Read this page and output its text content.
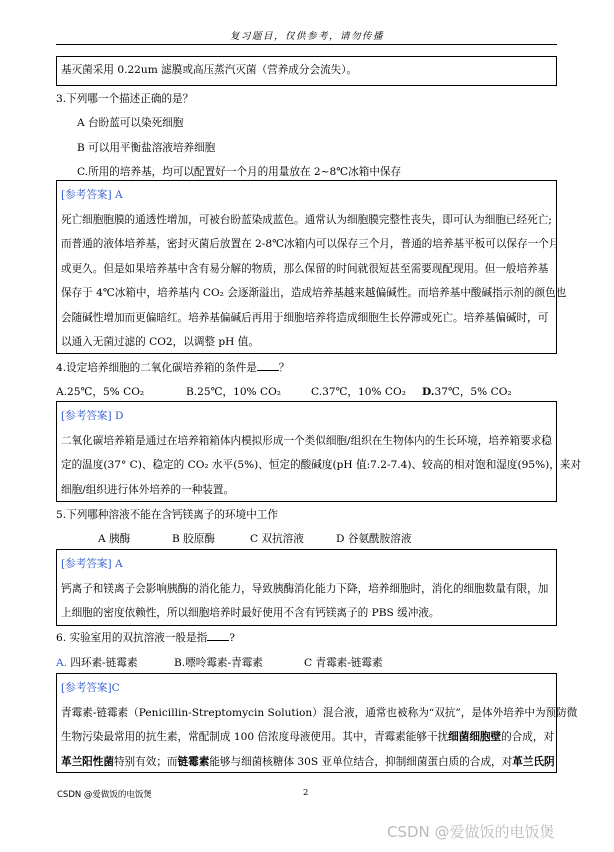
复习题目，仅供参考，请勿传播
基灭菌采用 0.22um 滤膜或高压蒸汽灭菌（营养成分会流失）。
3.下列哪一个描述正确的是？
A 台盼蓝可以染死细胞
B 可以用平衡盐溶液培养细胞
C.所用的培养基，均可以配置好一个月的用量放在 2~8℃冰箱中保存
[参考答案] A
死亡细胞胞膜的通透性增加，可被台盼蓝染成蓝色。通常认为细胞膜完整性丧失，即可认为细胞已经死亡;
而普通的液体培养基，密封灭菌后放置在 2-8℃冰箱内可以保存三个月，普通的培养基平板可以保存一个月
或更久。但是如果培养基中含有易分解的物质，那么保留的时间就很短甚至需要现配现用。但一般培养基
保存于 4℃冰箱中，培养基内 CO₂ 会逐渐溢出，造成培养基越来越偏碱性。而培养基中酸碱指示剂的颜色也
会随碱性增加而更偏暗红。培养基偏碱后再用于细胞培养将造成细胞生长停滞或死亡。培养基偏碱时，可
以通入无菌过滤的 CO2，以调整 pH 值。
4.设定培养细胞的二氧化碳培养箱的条件是 ？
A.25℃，5% CO₂	B.25℃，10% CO₂	C.37℃，10% CO₂ D.37℃，5% CO₂
[参考答案] D
二氧化碳培养箱是通过在培养箱箱体内模拟形成一个类似细胞/组织在生物体内的生长环境，培养箱要求稳
定的温度(37° C)、稳定的 CO₂ 水平(5%)、恒定的酸碱度(pH 值:7.2-7.4)、较高的相对饱和湿度(95%)，来对
细胞/组织进行体外培养的一种装置。
5.下列哪种溶液不能在含钙镁离子的环境中工作
A 胰酶	B 胶原酶	C 双抗溶液	D 谷氨酰胺溶液
[参考答案] A
钙离子和镁离子会影响胰酶的消化能力，导致胰酶消化能力下降，培养细胞时，消化的细胞数量有限，加
上细胞的密度依赖性，所以细胞培养时最好使用不含有钙镁离子的 PBS 缓冲液。
6. 实验室用的双抗溶液一般是指 ?
A. 四环素-链霉素	B.嘌呤霉素-青霉素	C 青霉素-链霉素
[参考答案]C
青霉素-链霉素（Penicillin-Streptomycin Solution）混合液，通常也被称为“双抗”，是体外培养中为预防微
生物污染最常用的抗生素，常配制成 100 倍浓度母液使用。其中，青霉素能够干扰细菌细胞壁的合成，对
革兰阳性菌特别有效；而链霉素能够与细菌核糖体 30S 亚单位结合，抑制细菌蛋白质的合成，对革兰氏阴
CSDN @爱做饭的电饭煲	2
CSDN @爱做饭的电饭煲
